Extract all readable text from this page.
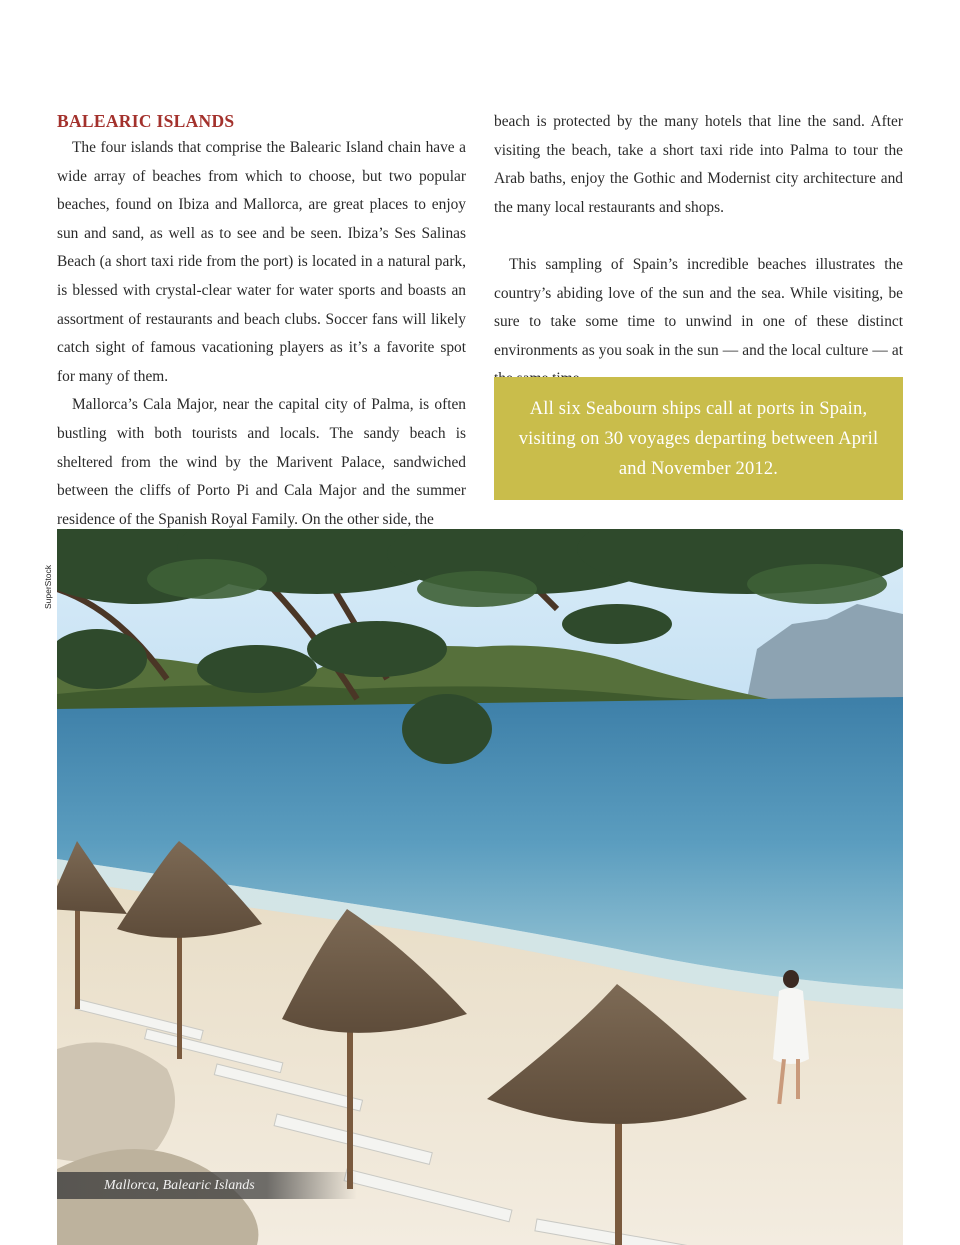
BALEARIC ISLANDS

The four islands that comprise the Balearic Island chain have a wide array of beaches from which to choose, but two popular beaches, found on Ibiza and Mallorca, are great places to enjoy sun and sand, as well as to see and be seen. Ibiza’s Ses Salinas Beach (a short taxi ride from the port) is located in a natural park, is blessed with crystal-clear water for water sports and boasts an assortment of restaurants and beach clubs. Soccer fans will likely catch sight of famous vacationing players as it’s a favorite spot for many of them.

Mallorca’s Cala Major, near the capital city of Palma, is often bustling with both tourists and locals. The sandy beach is sheltered from the wind by the Marivent Palace, sandwiched between the cliffs of Porto Pi and Cala Major and the summer residence of the Spanish Royal Family. On the other side, the

beach is protected by the many hotels that line the sand. After visiting the beach, take a short taxi ride into Palma to tour the Arab baths, enjoy the Gothic and Modernist city architecture and the many local restaurants and shops.

This sampling of Spain’s incredible beaches illustrates the country’s abiding love of the sun and the sea. While visiting, be sure to take some time to unwind in one of these distinct environments as you soak in the sun — and the local culture — at

All six Seabourn ships call at ports in Spain, visiting on 30 voyages departing between April and November 2012.

SuperStock
Mallorca, Balearic Islands
